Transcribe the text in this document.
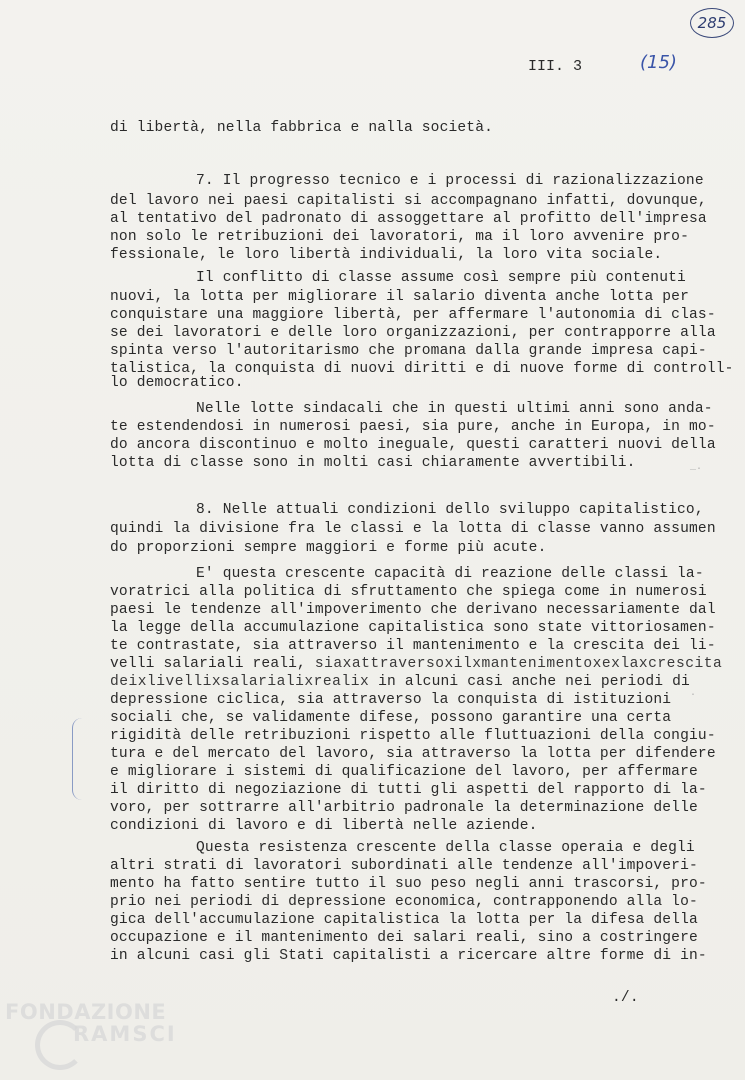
285
III. 3	(15)
di libertà, nella fabbrica e nalla società.
7. Il progresso tecnico e i processi di razionalizzazione
del lavoro nei paesi capitalisti si accompagnano infatti, dovunque,
al tentativo del padronato di assoggettare al profitto dell'impresa
non solo le retribuzioni dei lavoratori, ma il loro avvenire pro-
fessionale, le loro libertà individuali, la loro vita sociale.
Il conflitto di classe assume così sempre più contenuti
nuovi, la lotta per migliorare il salario diventa anche lotta per
conquistare una maggiore libertà, per affermare l'autonomia di clas-
se dei lavoratori e delle loro organizzazioni, per contrapporre alla
spinta verso l'autoritarismo che promana dalla grande impresa capi-
talistica, la conquista di nuovi diritti e di nuove forme di controll-
lo democratico.
Nelle lotte sindacali che in questi ultimi anni sono anda-
te estendendosi in numerosi paesi, sia pure, anche in Europa, in mo-
do ancora discontinuo e molto ineguale, questi caratteri nuovi della
lotta di classe sono in molti casi chiaramente avvertibili.
8. Nelle attuali condizioni dello sviluppo capitalistico,
quindi la divisione fra le classi e la lotta di classe vanno assumen
do proporzioni sempre maggiori e forme più acute.
E' questa crescente capacità di reazione delle classi la-
voratrici alla politica di sfruttamento che spiega come in numerosi
paesi le tendenze all'impoverimento che derivano necessariamente dal
la legge della accumulazione capitalistica sono state vittoriosamen-
te contrastate, sia attraverso il mantenimento e la crescita dei li-
velli salariali reali, siaxattraversoxilxmantenimentoxexlaxcrescita
deixlivellixsalarialixrealix in alcuni casi anche nei periodi di
depressione ciclica, sia attraverso la conquista di istituzioni
sociali che, se validamente difese, possono garantire una certa
rigidità delle retribuzioni rispetto alle fluttuazioni della congiu-
tura e del mercato del lavoro, sia attraverso la lotta per difendere
e migliorare i sistemi di qualificazione del lavoro, per affermare
il diritto di negoziazione di tutti gli aspetti del rapporto di la-
voro, per sottrarre all'arbitrio padronale la determinazione delle
condizioni di lavoro e di libertà nelle aziende.
Questa resistenza crescente della classe operaia e degli
altri strati di lavoratori subordinati alle tendenze all'impoveri-
mento ha fatto sentire tutto il suo peso negli anni trascorsi, pro-
prio nei periodi di depressione economica, contrapponendo alla lo-
gica dell'accumulazione capitalistica la lotta per la difesa della
occupazione e il mantenimento dei salari reali, sino a costringere
in alcuni casi gli Stati capitalisti a ricercare altre forme di in-
./.
_.
·
FONDAZIONE
RAMSCI
